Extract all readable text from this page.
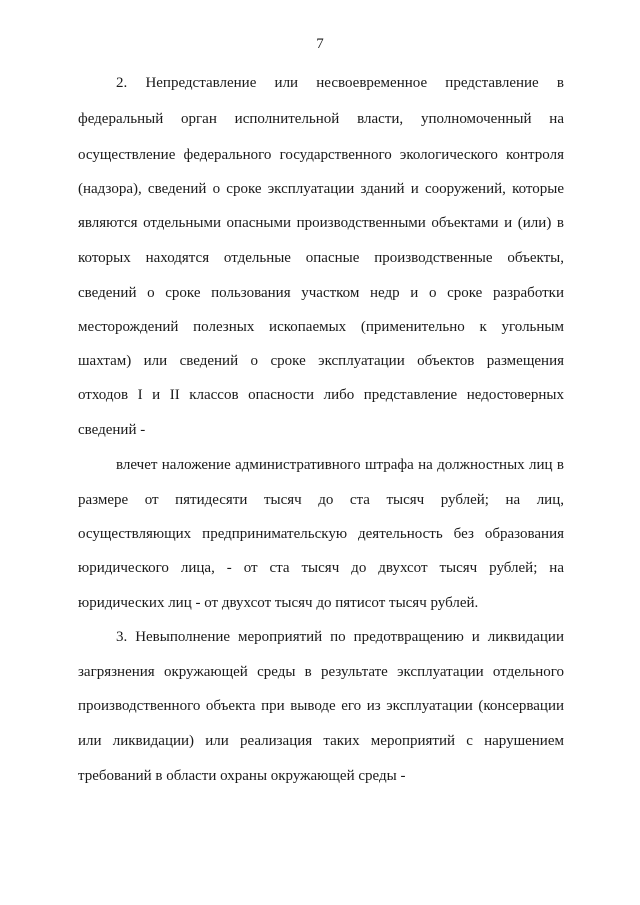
7
2. Непредставление или несвоевременное представление в
федеральный орган исполнительной власти, уполномоченный на
осуществление федерального государственного экологического контроля
(надзора), сведений о сроке эксплуатации зданий и сооружений, которые
являются отдельными опасными производственными объектами и (или) в
которых находятся отдельные опасные производственные объекты,
сведений о сроке пользования участком недр и о сроке разработки
месторождений полезных ископаемых (применительно к угольным
шахтам) или сведений о сроке эксплуатации объектов размещения
отходов I и II классов опасности либо представление недостоверных
сведений -
влечет наложение административного штрафа на должностных лиц в
размере от пятидесяти тысяч до ста тысяч рублей; на лиц,
осуществляющих предпринимательскую деятельность без образования
юридического лица, - от ста тысяч до двухсот тысяч рублей; на
юридических лиц - от двухсот тысяч до пятисот тысяч рублей.
3. Невыполнение мероприятий по предотвращению и ликвидации
загрязнения окружающей среды в результате эксплуатации отдельного
производственного объекта при выводе его из эксплуатации (консервации
или ликвидации) или реализация таких мероприятий с нарушением
требований в области охраны окружающей среды -
